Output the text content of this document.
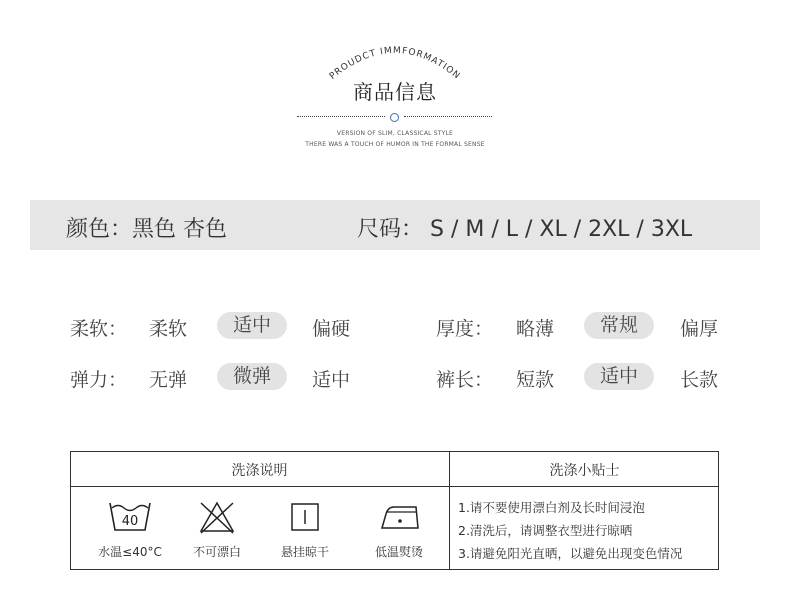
PROUDCT IMMFORMATION
商品信息
VERSION OF SLIM, CLASSICAL STYLE
THERE WAS A TOUCH OF HUMOR IN THE FORMAL SENSE
颜色：黑色 杏色	尺码： S / M / L / XL / 2XL / 3XL
柔软：	柔软	适中	偏硬	厚度：	略薄	常规	偏厚
弹力：	无弹	微弹	适中	裤长：	短款	适中	长款
洗涤说明	洗涤小贴士
40
水温≤40°C	不可漂白	悬挂晾干	低温熨烫
1.请不要使用漂白剂及长时间浸泡
2.清洗后，请调整衣型进行晾晒
3.请避免阳光直晒，以避免出现变色情况
